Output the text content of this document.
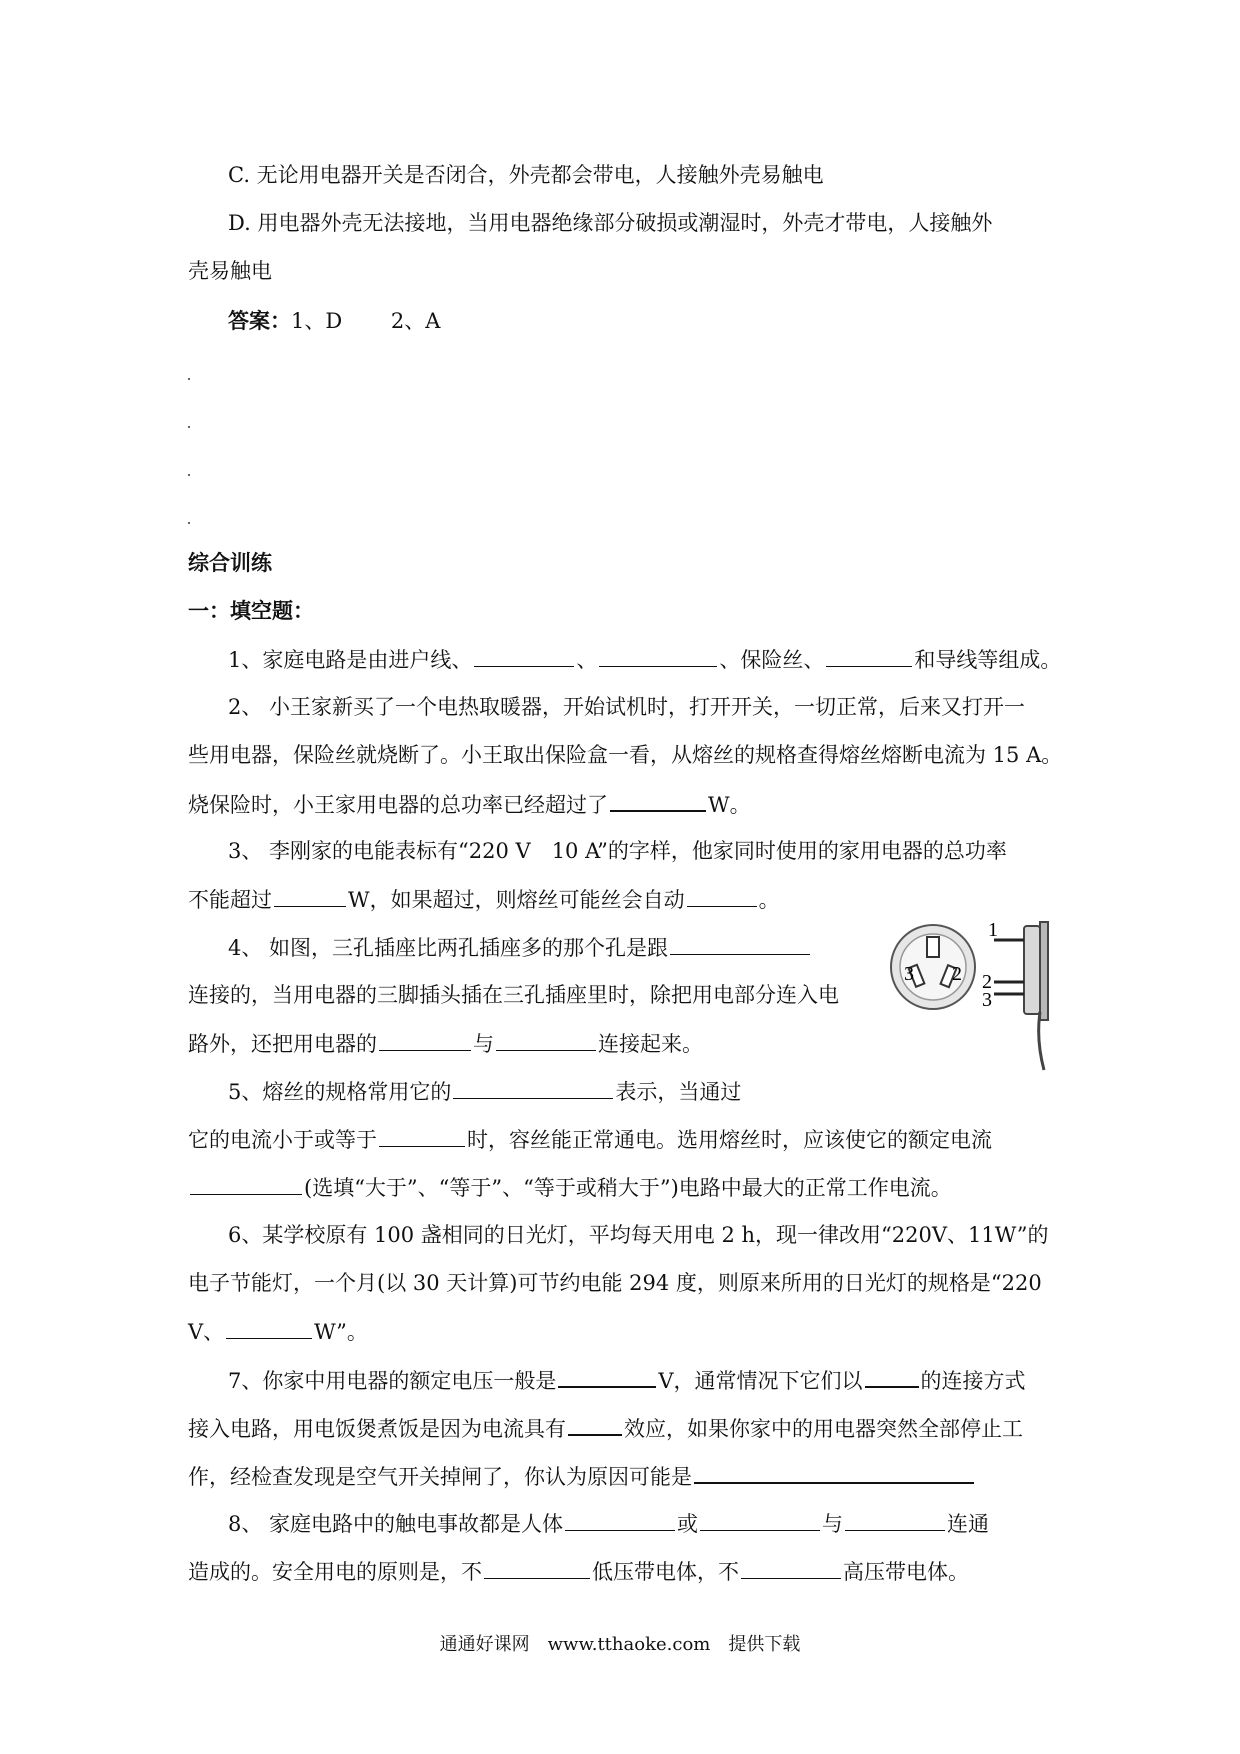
C. 无论用电器开关是否闭合，外壳都会带电，人接触外壳易触电
D. 用电器外壳无法接地，当用电器绝缘部分破损或潮湿时，外壳才带电，人接触外
壳易触电
答案：1、D　　 2、A
综合训练
一：填空题：
1、家庭电路是由进户线、	、	、保险丝、	和导线等组成。
2、 小王家新买了一个电热取暖器，开始试机时，打开开关，一切正常，后来又打开一
些用电器，保险丝就烧断了。小王取出保险盒一看，从熔丝的规格查得熔丝熔断电流为 15 A。
烧保险时，小王家用电器的总功率已经超过了	W。
3、 李刚家的电能表标有“220 V　10 A”的字样，他家同时使用的家用电器的总功率
不能超过	W，如果超过，则熔丝可能丝会自动	。
4、 如图，三孔插座比两孔插座多的那个孔是跟
连接的，当用电器的三脚插头插在三孔插座里时，除把用电部分连入电
路外，还把用电器的	与	连接起来。
3 2
1
2
3
5、熔丝的规格常用它的	表示，当通过
它的电流小于或等于	时，容丝能正常通电。选用熔丝时，应该使它的额定电流
(选填“大于”、“等于”、“等于或稍大于”)电路中最大的正常工作电流。
6、某学校原有 100 盏相同的日光灯，平均每天用电 2 h，现一律改用“220V、11W”的
电子节能灯，一个月(以 30 天计算)可节约电能 294 度，则原来所用的日光灯的规格是“220
V、	W”。
7、你家中用电器的额定电压一般是	V，通常情况下它们以	的连接方式
接入电路，用电饭煲煮饭是因为电流具有	效应，如果你家中的用电器突然全部停止工
作，经检查发现是空气开关掉闸了，你认为原因可能是
8、 家庭电路中的触电事故都是人体	或	与	连通
造成的。安全用电的原则是，不	低压带电体，不	高压带电体。
通通好课网　www.tthaoke.com　提供下载
